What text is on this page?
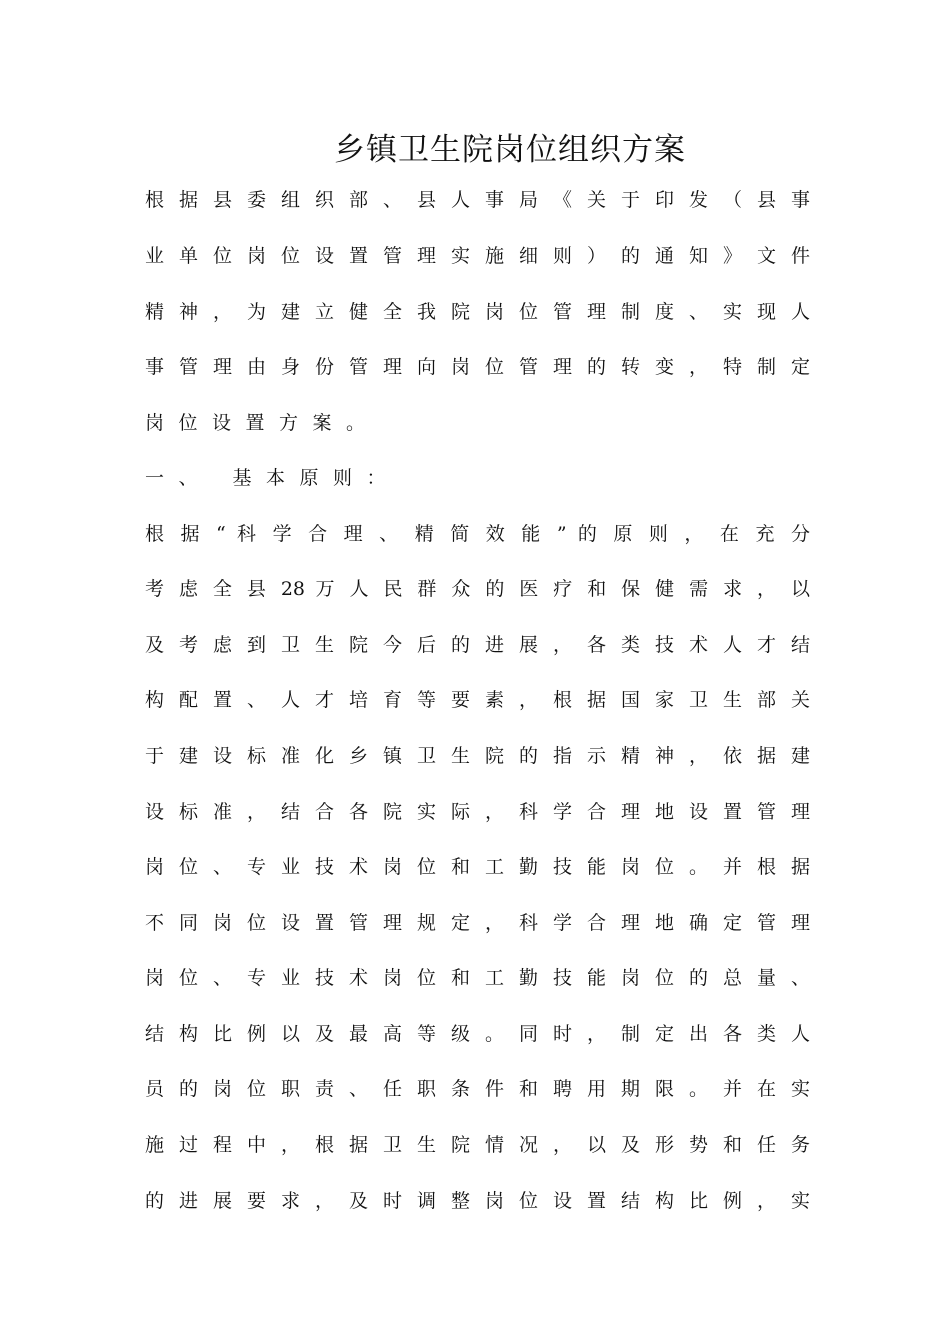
乡镇卫生院岗位组织方案
根 据 县 委 组 织 部 、 县 人 事 局 《 关 于 印 发 （ 县 事
业 单 位 岗 位 设 置 管 理 实 施 细 则 ） 的 通 知 》 文 件
精 神 ， 为 建 立 健 全 我 院 岗 位 管 理 制 度 、 实 现 人
事 管 理 由 身 份 管 理 向 岗 位 管 理 的 转 变 ， 特 制 定
岗位设置方案。
一、 基本原则：
根 据 “ 科 学 合 理 、 精 简 效 能 ” 的 原 则 ， 在 充 分
考 虑 全 县 28 万 人 民 群 众 的 医 疗 和 保 健 需 求 ， 以
及 考 虑 到 卫 生 院 今 后 的 进 展 ， 各 类 技 术 人 才 结
构 配 置 、 人 才 培 育 等 要 素 ， 根 据 国 家 卫 生 部 关
于 建 设 标 准 化 乡 镇 卫 生 院 的 指 示 精 神 ， 依 据 建
设 标 准 ， 结 合 各 院 实 际 ， 科 学 合 理 地 设 置 管 理
岗 位 、 专 业 技 术 岗 位 和 工 勤 技 能 岗 位 。 并 根 据
不 同 岗 位 设 置 管 理 规 定 ， 科 学 合 理 地 确 定 管 理
岗 位 、 专 业 技 术 岗 位 和 工 勤 技 能 岗 位 的 总 量 、
结 构 比 例 以 及 最 高 等 级 。 同 时 ， 制 定 出 各 类 人
员 的 岗 位 职 责 、 任 职 条 件 和 聘 用 期 限 。 并 在 实
施 过 程 中 ， 根 据 卫 生 院 情 况 ， 以 及 形 势 和 任 务
的 进 展 要 求 ， 及 时 调 整 岗 位 设 置 结 构 比 例 ， 实
